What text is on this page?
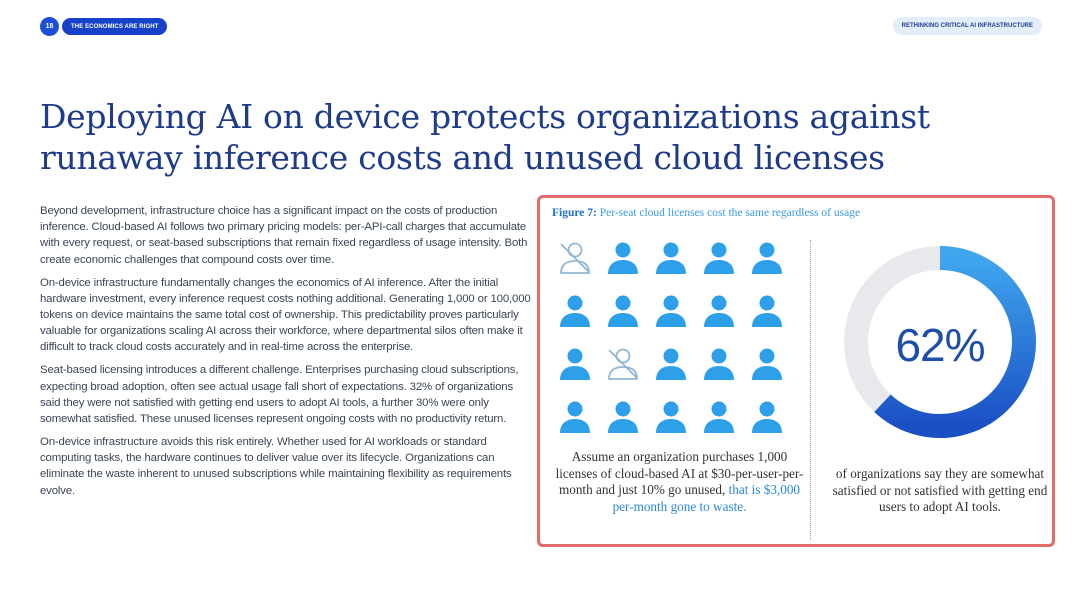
18	THE ECONOMICS ARE RIGHT	RETHINKING CRITICAL AI INFRASTRUCTURE
Deploying AI on device protects organizations against runaway inference costs and unused cloud licenses

Beyond development, infrastructure choice has a significant impact on the costs of production inference. Cloud-based AI follows two primary pricing models: per-API-call charges that accumulate with every request, or seat-based subscriptions that remain fixed regardless of usage intensity. Both create economic challenges that compound costs over time.

On-device infrastructure fundamentally changes the economics of AI inference. After the initial hardware investment, every inference request costs nothing additional. Generating 1,000 or 100,000 tokens on device maintains the same total cost of ownership. This predictability proves particularly valuable for organizations scaling AI across their workforce, where departmental silos often make it difficult to track cloud costs accurately and in real-time across the enterprise.

Seat-based licensing introduces a different challenge. Enterprises purchasing cloud subscriptions, expecting broad adoption, often see actual usage fall short of expectations. 32% of organizations said they were not satisfied with getting end users to adopt AI tools, a further 30% were only somewhat satisfied. These unused licenses represent ongoing costs with no productivity return.

On-device infrastructure avoids this risk entirely. Whether used for AI workloads or standard computing tasks, the hardware continues to deliver value over its lifecycle. Organizations can eliminate the waste inherent to unused subscriptions while maintaining flexibility as requirements evolve.

Figure 7: Per-seat cloud licenses cost the same regardless of usage
Assume an organization purchases 1,000 licenses of cloud-based AI at $30-per-user-per-month and just 10% go unused, that is $3,000 per-month gone to waste.
62%
of organizations say they are somewhat satisfied or not satisfied with getting end users to adopt AI tools.
